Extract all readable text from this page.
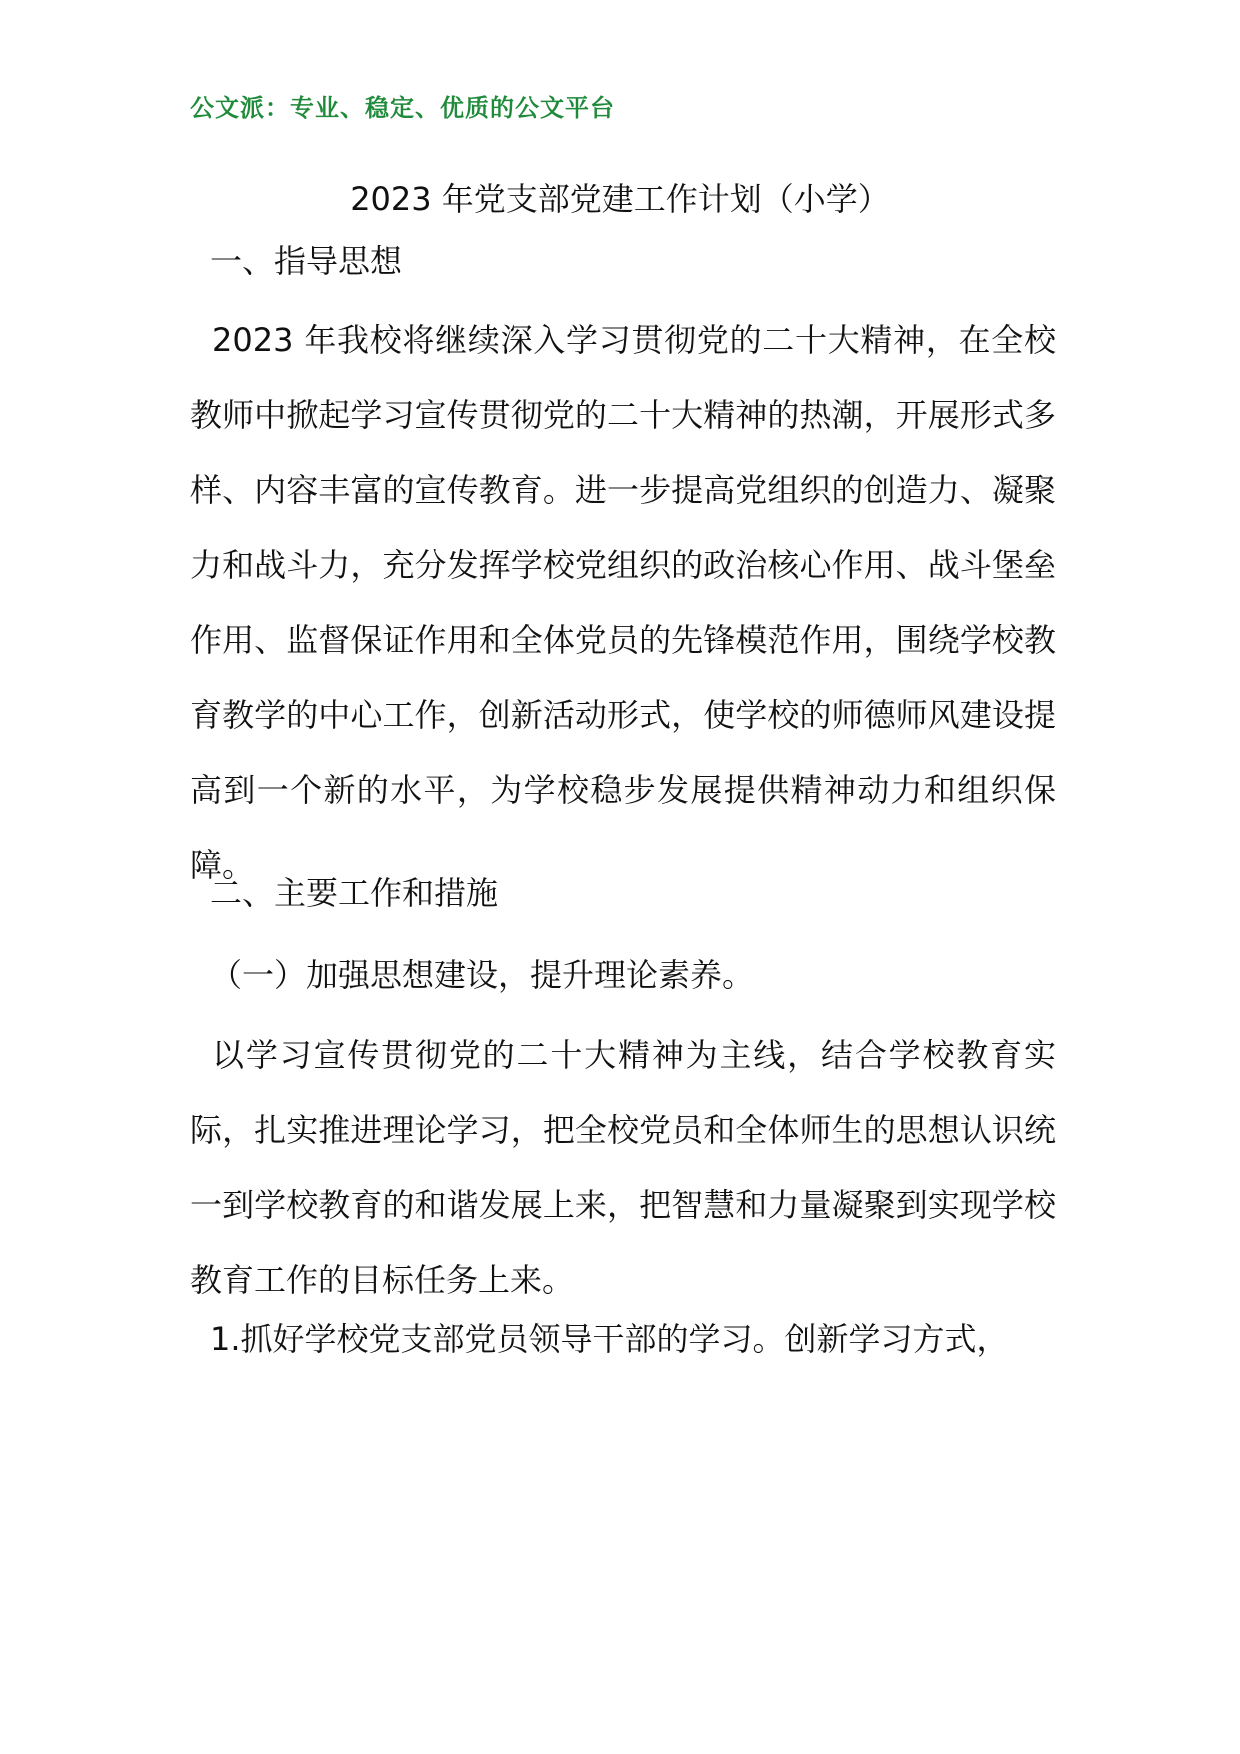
公文派：专业、稳定、优质的公文平台
2023 年党支部党建工作计划（小学）
一、指导思想
2023 年我校将继续深入学习贯彻党的二十大精神，在全校教师中掀起学习宣传贯彻党的二十大精神的热潮，开展形式多样、内容丰富的宣传教育。进一步提高党组织的创造力、凝聚力和战斗力，充分发挥学校党组织的政治核心作用、战斗堡垒作用、监督保证作用和全体党员的先锋模范作用，围绕学校教育教学的中心工作，创新活动形式，使学校的师德师风建设提高到一个新的水平，为学校稳步发展提供精神动力和组织保障。
二、主要工作和措施
（一）加强思想建设，提升理论素养。
以学习宣传贯彻党的二十大精神为主线，结合学校教育实际，扎实推进理论学习，把全校党员和全体师生的思想认识统一到学校教育的和谐发展上来，把智慧和力量凝聚到实现学校教育工作的目标任务上来。
1.抓好学校党支部党员领导干部的学习。创新学习方式，
